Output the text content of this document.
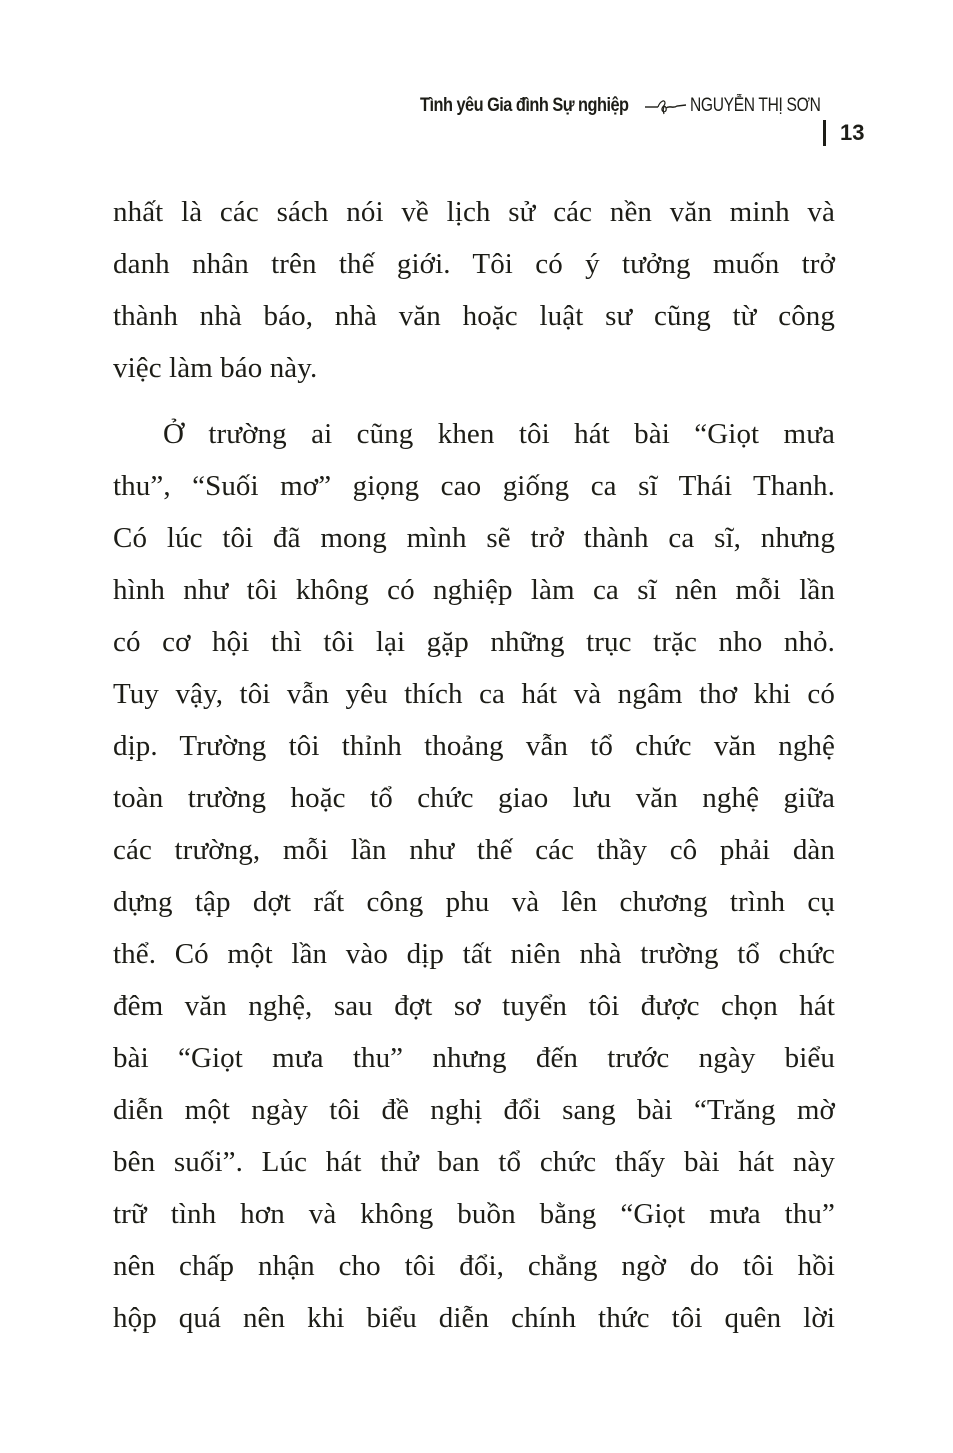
Tình yêu Gia đình Sự nghiệp	NGUYỄN THỊ SƠN
13
nhất là các sách nói về lịch sử các nền văn minh và
danh nhân trên thế giới. Tôi có ý tưởng muốn trở
thành nhà báo, nhà văn hoặc luật sư cũng từ công
việc làm báo này.
Ở trường ai cũng khen tôi hát bài “Giọt mưa
thu”, “Suối mơ” giọng cao giống ca sĩ Thái Thanh.
Có lúc tôi đã mong mình sẽ trở thành ca sĩ, nhưng
hình như tôi không có nghiệp làm ca sĩ nên mỗi lần
có cơ hội thì tôi lại gặp những trục trặc nho nhỏ.
Tuy vậy, tôi vẫn yêu thích ca hát và ngâm thơ khi có
dịp. Trường tôi thỉnh thoảng vẫn tổ chức văn nghệ
toàn trường hoặc tổ chức giao lưu văn nghệ giữa
các trường, mỗi lần như thế các thầy cô phải dàn
dựng tập dợt rất công phu và lên chương trình cụ
thể. Có một lần vào dịp tất niên nhà trường tổ chức
đêm văn nghệ, sau đợt sơ tuyển tôi được chọn hát
bài “Giọt mưa thu” nhưng đến trước ngày biểu
diễn một ngày tôi đề nghị đổi sang bài “Trăng mờ
bên suối”. Lúc hát thử ban tổ chức thấy bài hát này
trữ tình hơn và không buồn bằng “Giọt mưa thu”
nên chấp nhận cho tôi đổi, chẳng ngờ do tôi hồi
hộp quá nên khi biểu diễn chính thức tôi quên lời
